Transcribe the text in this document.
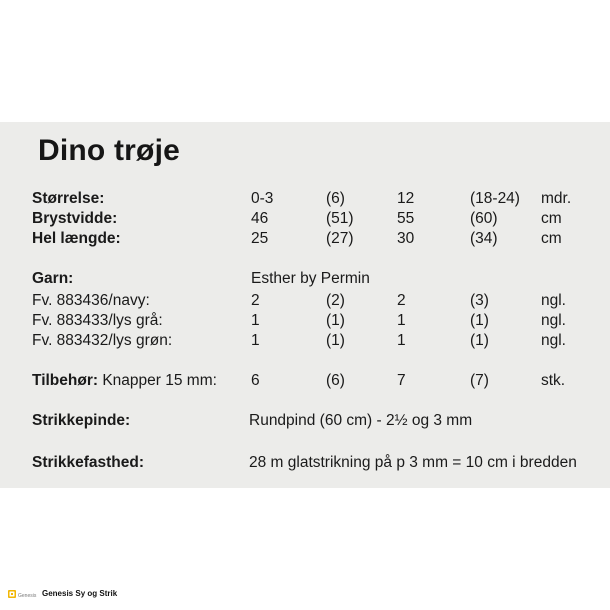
Dino trøje
Størrelse:	0-3	(6)	12	(18-24) mdr.
Brystvidde:	46	(51)	55	(60)	cm
Hel længde:	25	(27)	30	(34)	cm
Garn:	Esther by Permin
Fv. 883436/navy:	2	(2)	2	(3)	ngl.
Fv. 883433/lys grå:	1	(1)	1	(1)	ngl.
Fv. 883432/lys grøn:	1	(1)	1	(1)	ngl.
Tilbehør: Knapper 15 mm: 6	(6)	7	(7)	stk.
Strikkepinde:	Rundpind (60 cm) - 2½ og 3 mm
Strikkefasthed:	28 m glatstrikning på p 3 mm = 10 cm i bredden
Genesis Genesis Sy og Strik
